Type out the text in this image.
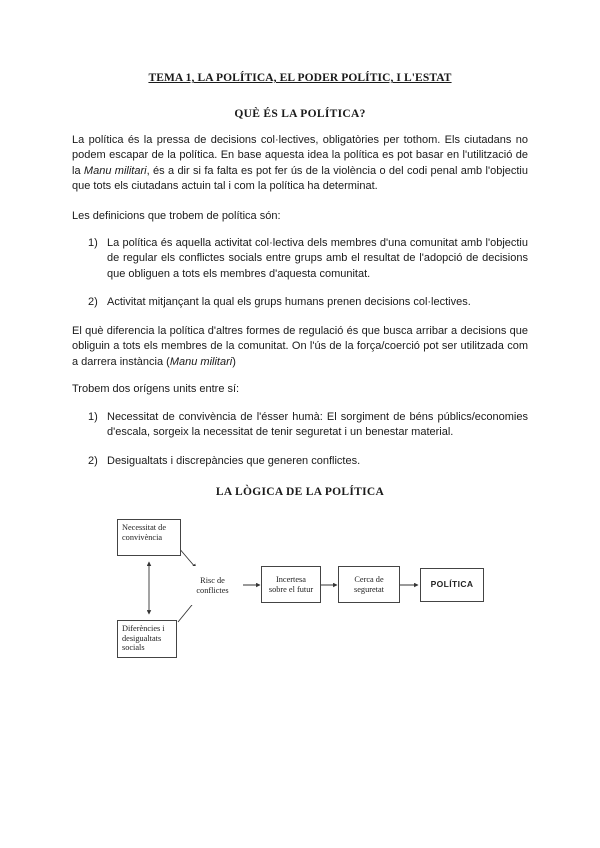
TEMA 1, LA POLÍTICA, EL PODER POLÍTIC, I L'ESTAT
QUÈ ÉS LA POLÍTICA?

La política és la pressa de decisions col·lectives, obligatòries per tothom. Els ciutadans no podem escapar de la política. En base aquesta idea la política es pot basar en l'utilització de la Manu militari, és a dir si fa falta es pot fer ús de la violència o del codi penal amb l'objectiu que tots els ciutadans actuin tal i com la política ha determinat.

Les definicions que trobem de política són:

1) La política és aquella activitat col·lectiva dels membres d'una comunitat amb l'objectiu de regular els conflictes socials entre grups amb el resultat de l'adopció de decisions que obliguen a tots els membres d'aquesta comunitat.
2) Activitat mitjançant la qual els grups humans prenen decisions col·lectives.

El què diferencia la política d'altres formes de regulació és que busca arribar a decisions que obliguin a tots els membres de la comunitat. On l'ús de la força/coerció pot ser utilitzada com a darrera instància (Manu militari)

Trobem dos orígens units entre sí:

1) Necessitat de convivència de l'ésser humà: El sorgiment de béns públics/economies d'escala, sorgeix la necessitat de tenir seguretat i un benestar material.
2) Desigualtats i discrepàncies que generen conflictes.
LA LÒGICA DE LA POLÍTICA
Necessitat de
convivència
Diferències i
desigualtats
socials
Risc de
conflictes
Incertesa
sobre el futur
Cerca de
seguretat	POLÍTICA
